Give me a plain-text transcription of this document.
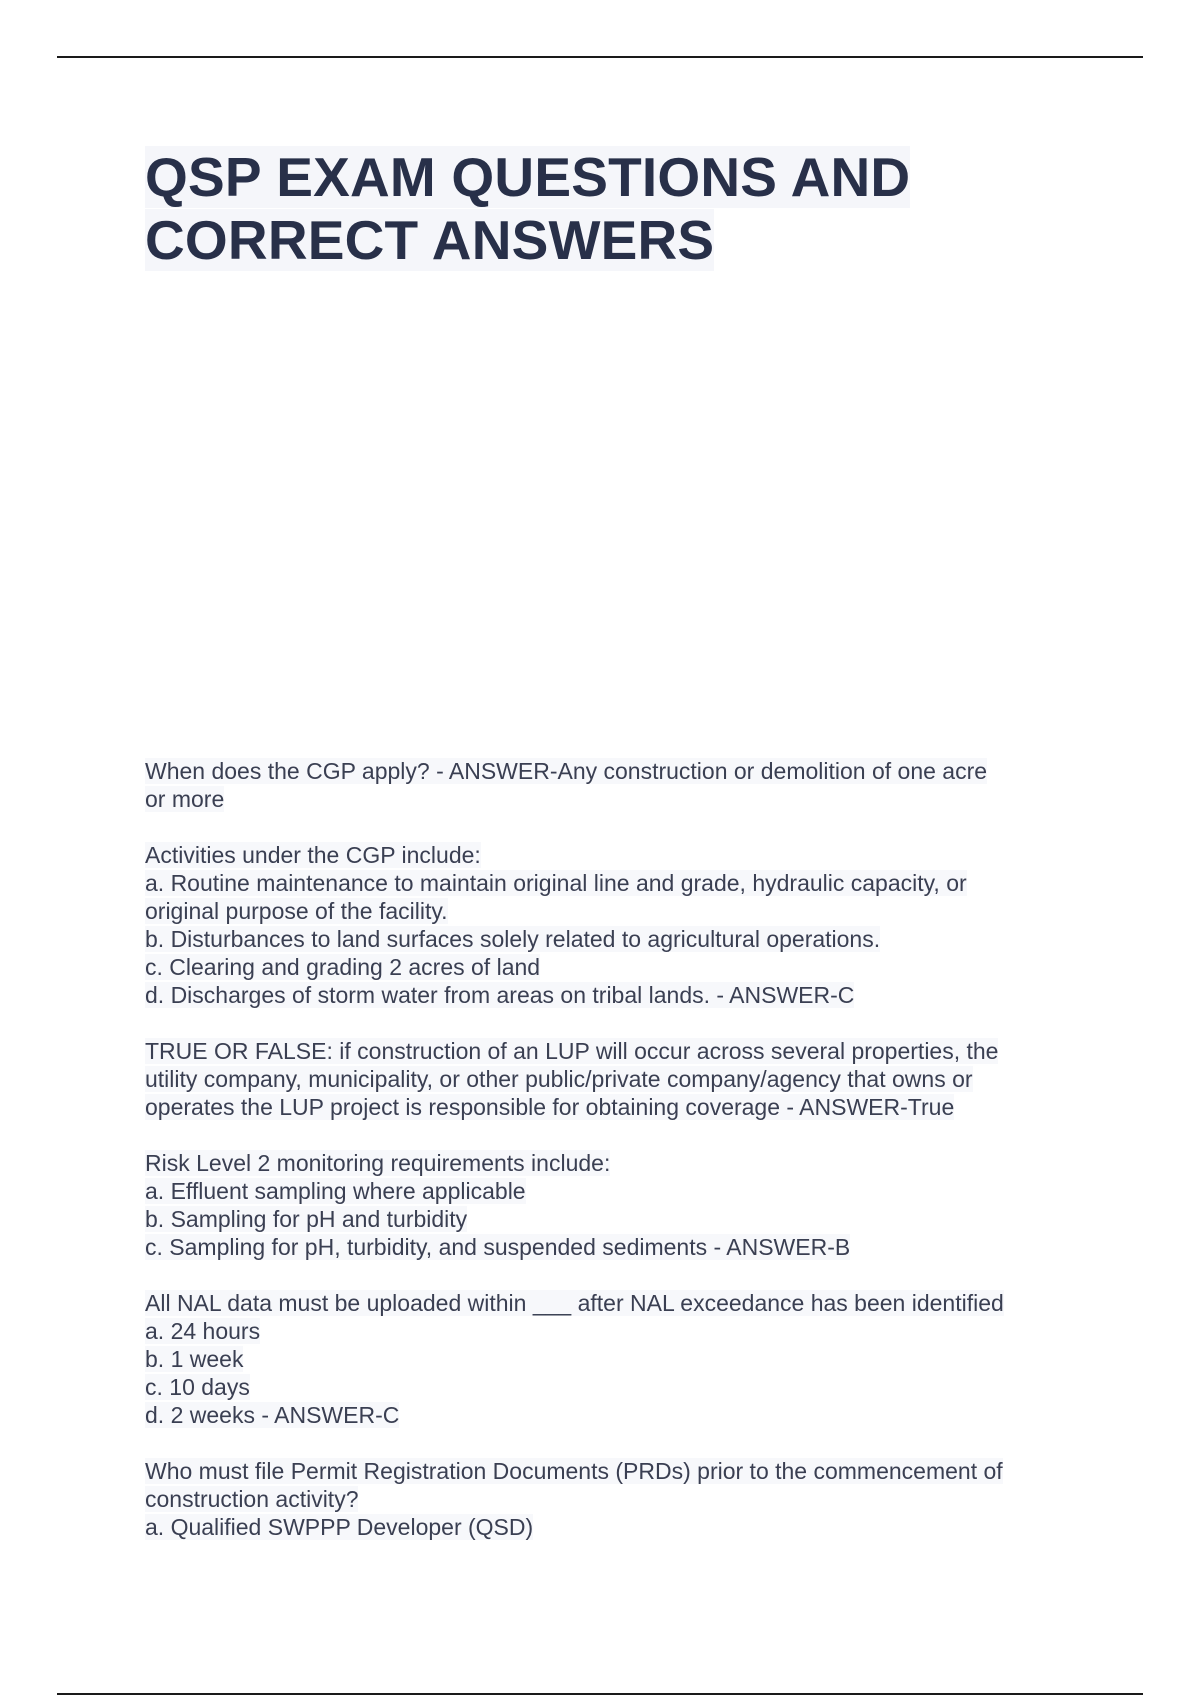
QSP EXAM QUESTIONS AND
CORRECT ANSWERS
When does the CGP apply? - ANSWER-Any construction or demolition of one acre
or more
Activities under the CGP include:
a. Routine maintenance to maintain original line and grade, hydraulic capacity, or
original purpose of the facility.
b. Disturbances to land surfaces solely related to agricultural operations.
c. Clearing and grading 2 acres of land
d. Discharges of storm water from areas on tribal lands. - ANSWER-C
TRUE OR FALSE: if construction of an LUP will occur across several properties, the
utility company, municipality, or other public/private company/agency that owns or
operates the LUP project is responsible for obtaining coverage - ANSWER-True
Risk Level 2 monitoring requirements include:
a. Effluent sampling where applicable
b. Sampling for pH and turbidity
c. Sampling for pH, turbidity, and suspended sediments - ANSWER-B
All NAL data must be uploaded within ___ after NAL exceedance has been identified
a. 24 hours
b. 1 week
c. 10 days
d. 2 weeks - ANSWER-C
Who must file Permit Registration Documents (PRDs) prior to the commencement of
construction activity?
a. Qualified SWPPP Developer (QSD)
